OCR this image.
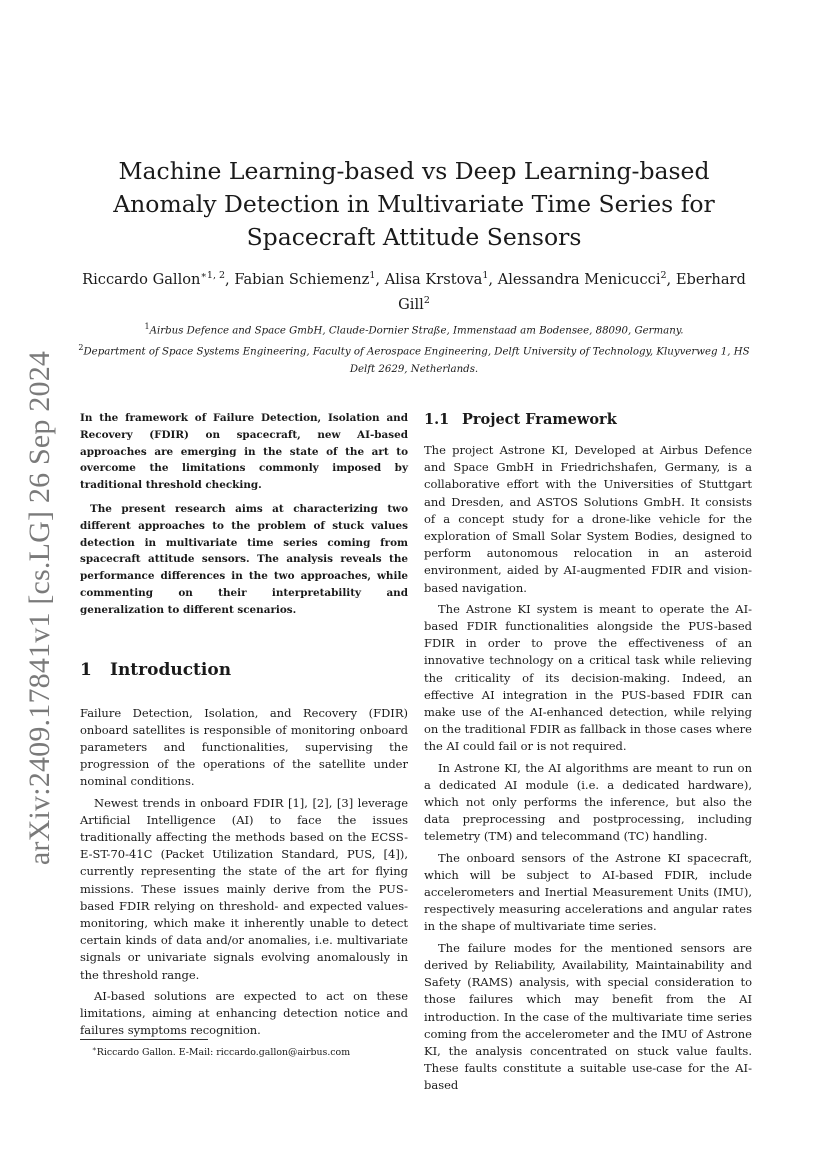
arXiv:2409.17841v1 [cs.LG] 26 Sep 2024
Machine Learning-based vs Deep Learning-based Anomaly Detection in Multivariate Time Series for Spacecraft Attitude Sensors
Riccardo Gallon$^{∗1, 2}$, Fabian Schiemenz$^1$, Alisa Krstova$^1$, Alessandra Menicucci$^2$, Eberhard Gill$^2$
$^1$Airbus Defence and Space GmbH, Claude-Dornier Straße, Immenstaad am Bodensee, 88090, Germany.
$^2$Department of Space Systems Engineering, Faculty of Aerospace Engineering, Delft University of Technology, Kluyverweg 1, HS Delft 2629, Netherlands.

In the framework of Failure Detection, Isolation and Recovery (FDIR) on spacecraft, new AI-based approaches are emerging in the state of the art to overcome the limitations commonly imposed by traditional threshold checking.

The present research aims at characterizing two different approaches to the problem of stuck values detection in multivariate time series coming from spacecraft attitude sensors. The analysis reveals the performance differences in the two approaches, while commenting on their interpretability and generalization to different scenarios.

1 Introduction

Failure Detection, Isolation, and Recovery (FDIR) onboard satellites is responsible of monitoring onboard parameters and functionalities, supervising the progression of the operations of the satellite under nominal conditions.

Newest trends in onboard FDIR [1], [2], [3] leverage Artificial Intelligence (AI) to face the issues traditionally affecting the methods based on the ECSS-E-ST-70-41C (Packet Utilization Standard, PUS, [4]), currently representing the state of the art for flying missions. These issues mainly derive from the PUS-based FDIR relying on threshold- and expected values-monitoring, which make it inherently unable to detect certain kinds of data and/or anomalies, i.e. multivariate signals or univariate signals evolving anomalously in the threshold range.

AI-based solutions are expected to act on these limitations, aiming at enhancing detection notice and failures symptoms recognition.

1.1 Project Framework

The project Astrone KI, Developed at Airbus Defence and Space GmbH in Friedrichshafen, Germany, is a collaborative effort with the Universities of Stuttgart and Dresden, and ASTOS Solutions GmbH. It consists of a concept study for a drone-like vehicle for the exploration of Small Solar System Bodies, designed to perform autonomous relocation in an asteroid environment, aided by AI-augmented FDIR and vision-based navigation.

The Astrone KI system is meant to operate the AI-based FDIR functionalities alongside the PUS-based FDIR in order to prove the effectiveness of an innovative technology on a critical task while relieving the criticality of its decision-making. Indeed, an effective AI integration in the PUS-based FDIR can make use of the AI-enhanced detection, while relying on the traditional FDIR as fallback in those cases where the AI could fail or is not required.

In Astrone KI, the AI algorithms are meant to run on a dedicated AI module (i.e. a dedicated hardware), which not only performs the inference, but also the data preprocessing and postprocessing, including telemetry (TM) and telecommand (TC) handling.

The onboard sensors of the Astrone KI spacecraft, which will be subject to AI-based FDIR, include accelerometers and Inertial Measurement Units (IMU), respectively measuring accelerations and angular rates in the shape of multivariate time series.

The failure modes for the mentioned sensors are derived by Reliability, Availability, Maintainability and Safety (RAMS) analysis, with special consideration to those failures which may benefit from the AI introduction. In the case of the multivariate time series coming from the accelerometer and the IMU of Astrone KI, the analysis concentrated on stuck value faults. These faults constitute a suitable use-case for the AI-based

∗Riccardo Gallon. E-Mail: riccardo.gallon@airbus.com
